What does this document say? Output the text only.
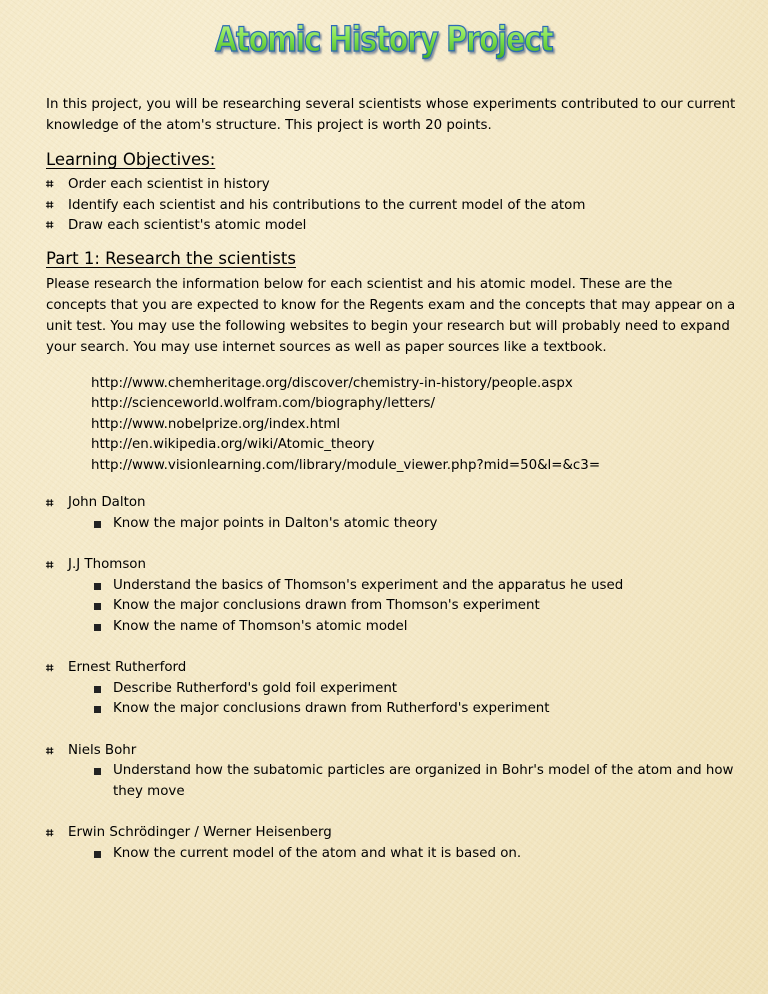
Atomic History Project

In this project, you will be researching several scientists whose experiments contributed to our current knowledge of the atom's structure. This project is worth 20 points.

Learning Objectives:
⌗ Order each scientist in history
⌗ Identify each scientist and his contributions to the current model of the atom
⌗ Draw each scientist's atomic model
Part 1: Research the scientists

Please research the information below for each scientist and his atomic model. These are the concepts that you are expected to know for the Regents exam and the concepts that may appear on a unit test. You may use the following websites to begin your research but will probably need to expand your search. You may use internet sources as well as paper sources like a textbook.

http://www.chemheritage.org/discover/chemistry-in-history/people.aspx
http://scienceworld.wolfram.com/biography/letters/
http://www.nobelprize.org/index.html
http://en.wikipedia.org/wiki/Atomic_theory
http://www.visionlearning.com/library/module_viewer.php?mid=50&l=&c3=
⌗ John Dalton
Know the major points in Dalton's atomic theory
⌗ J.J Thomson
Understand the basics of Thomson's experiment and the apparatus he used
Know the major conclusions drawn from Thomson's experiment
Know the name of Thomson's atomic model
⌗ Ernest Rutherford
Describe Rutherford's gold foil experiment
Know the major conclusions drawn from Rutherford's experiment
⌗ Niels Bohr
Understand how the subatomic particles are organized in Bohr's model of the atom and how they move
⌗ Erwin Schrödinger / Werner Heisenberg
Know the current model of the atom and what it is based on.
